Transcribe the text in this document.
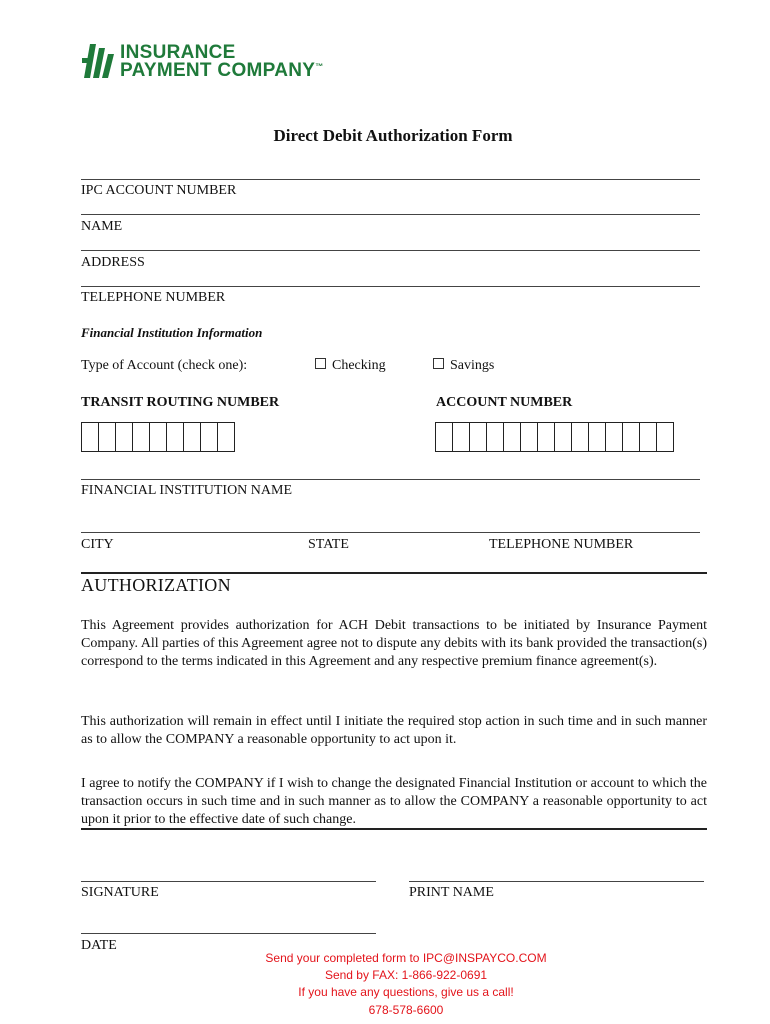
INSURANCE
PAYMENT COMPANY™
Direct Debit Authorization Form
IPC ACCOUNT NUMBER
NAME
ADDRESS
TELEPHONE NUMBER
Financial Institution Information
Type of Account (check one):	Checking	Savings
TRANSIT ROUTING NUMBER	ACCOUNT NUMBER
FINANCIAL INSTITUTION NAME
CITY	STATE	TELEPHONE NUMBER
AUTHORIZATION
This Agreement provides authorization for ACH Debit transactions to be initiated by Insurance Payment Company. All parties of this Agreement agree not to dispute any debits with its bank provided the transaction(s) correspond to the terms indicated in this Agreement and any respective premium finance agreement(s).
This authorization will remain in effect until I initiate the required stop action in such time and in such manner as to allow the COMPANY a reasonable opportunity to act upon it.
I agree to notify the COMPANY if I wish to change the designated Financial Institution or account to which the transaction occurs in such time and in such manner as to allow the COMPANY a reasonable opportunity to act upon it prior to the effective date of such change.
SIGNATURE	PRINT NAME
DATE
Send your completed form to IPC@INSPAYCO.COM
Send by FAX: 1-866-922-0691
If you have any questions, give us a call!
678-578-6600
